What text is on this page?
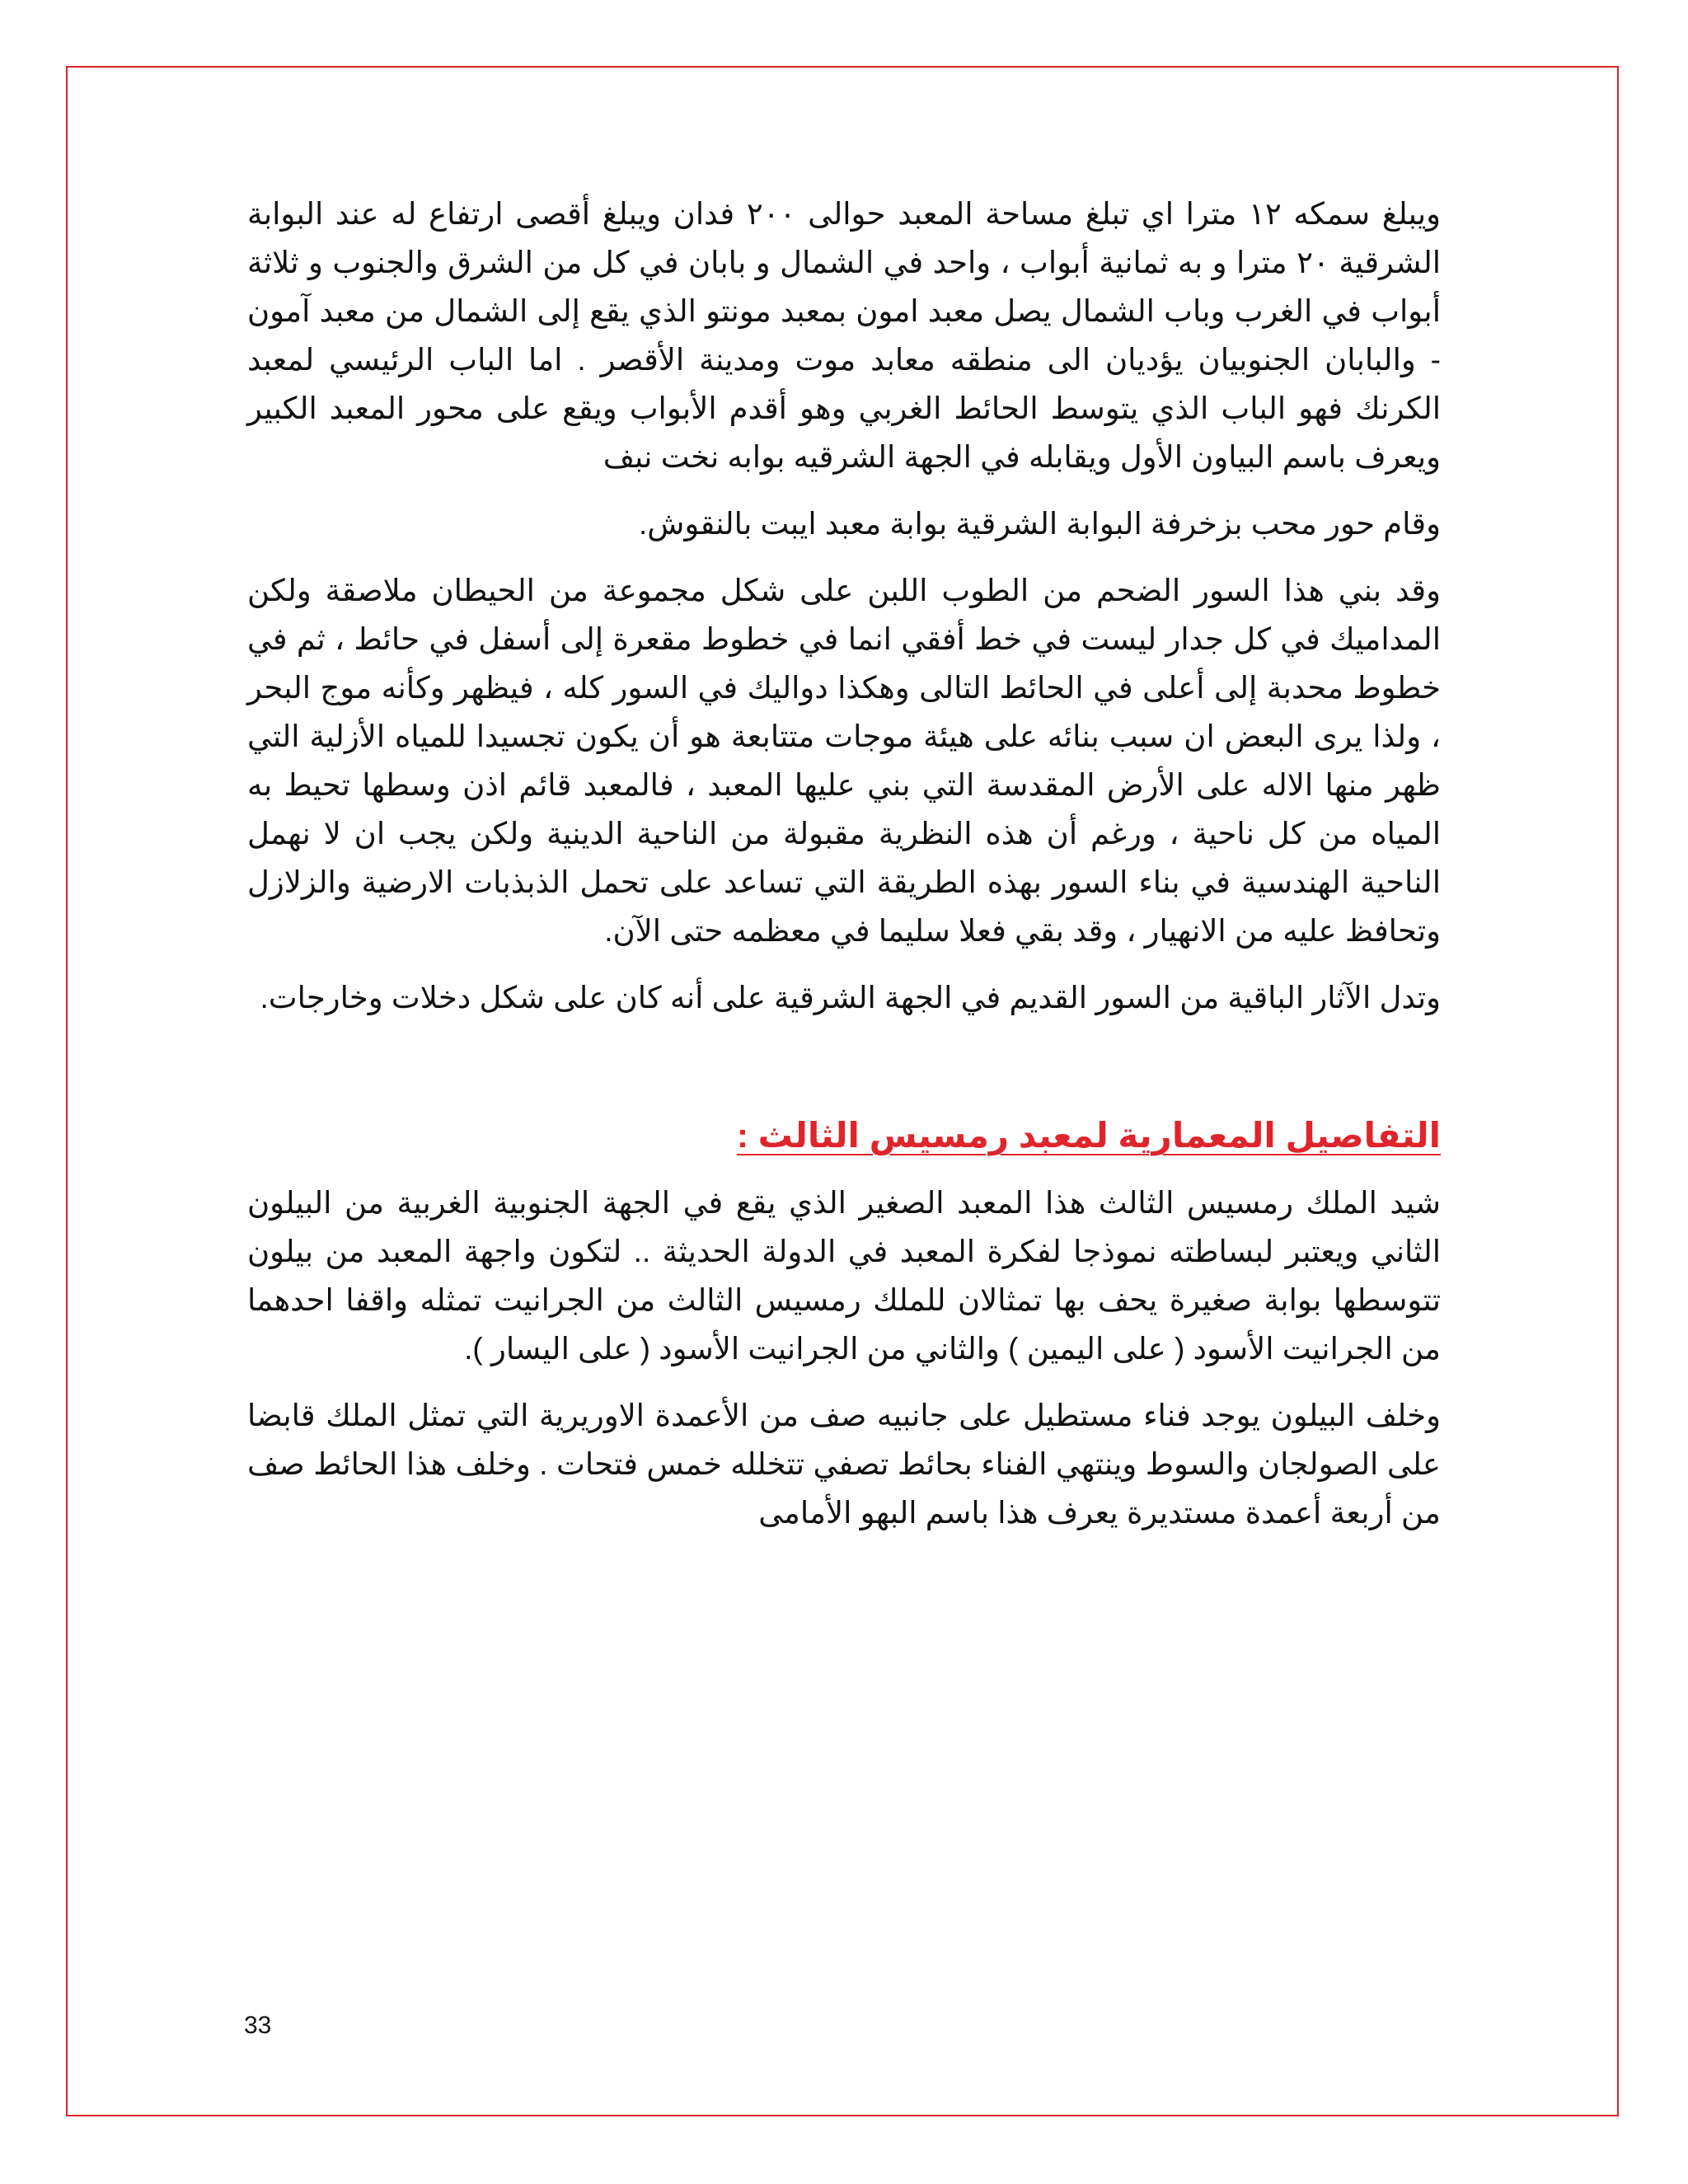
ويبلغ سمكه ١٢ مترا اي تبلغ مساحة المعبد حوالى ٢٠٠ فدان ويبلغ أقصى ارتفاع له عند البوابة الشرقية ٢٠ مترا و به ثمانية أبواب ، واحد في الشمال و بابان في كل من الشرق والجنوب و ثلاثة أبواب في الغرب وباب الشمال يصل معبد امون بمعبد مونتو الذي يقع إلى الشمال من معبد آمون - والبابان الجنوبيان يؤديان الى منطقه معابد موت ومدينة الأقصر . اما الباب الرئيسي لمعبد الكرنك فهو الباب الذي يتوسط الحائط الغربي وهو أقدم الأبواب ويقع على محور المعبد الكبير ويعرف باسم البياون الأول ويقابله في الجهة الشرقيه بوابه نخت نبف

وقام حور محب بزخرفة البوابة الشرقية بوابة معبد ايبت بالنقوش.

وقد بني هذا السور الضحم من الطوب اللبن على شكل مجموعة من الحيطان ملاصقة ولكن المداميك في كل جدار ليست في خط أفقي انما في خطوط مقعرة إلى أسفل في حائط ، ثم في خطوط محدبة إلى أعلى في الحائط التالى وهكذا دواليك في السور كله ، فيظهر وكأنه موج البحر ، ولذا يرى البعض ان سبب بنائه على هيئة موجات متتابعة هو أن يكون تجسيدا للمياه الأزلية التي ظهر منها الاله على الأرض المقدسة التي بني عليها المعبد ، فالمعبد قائم اذن وسطها تحيط به المياه من كل ناحية ، ورغم أن هذه النظرية مقبولة من الناحية الدينية ولكن يجب ان لا نهمل الناحية الهندسية في بناء السور بهذه الطريقة التي تساعد على تحمل الذبذبات الارضية والزلازل وتحافظ عليه من الانهيار ، وقد بقي فعلا سليما في معظمه حتى الآن.

وتدل الآثار الباقية من السور القديم في الجهة الشرقية على أنه كان على شكل دخلات وخارجات.

التفاصيل المعمارية لمعبد رمسيس الثالث :

شيد الملك رمسيس الثالث هذا المعبد الصغير الذي يقع في الجهة الجنوبية الغربية من البيلون الثاني ويعتبر لبساطته نموذجا لفكرة المعبد في الدولة الحديثة .. لتكون واجهة المعبد من بيلون تتوسطها بوابة صغيرة يحف بها تمثالان للملك رمسيس الثالث من الجرانيت تمثله واقفا احدهما من الجرانيت الأسود ( على اليمين ) والثاني من الجرانيت الأسود ( على اليسار ).

وخلف البيلون يوجد فناء مستطيل على جانبيه صف من الأعمدة الاوريرية التي تمثل الملك قابضا على الصولجان والسوط وينتهي الفناء بحائط تصفي تتخلله خمس فتحات . وخلف هذا الحائط صف من أربعة أعمدة مستديرة يعرف هذا باسم البهو الأمامى

33
